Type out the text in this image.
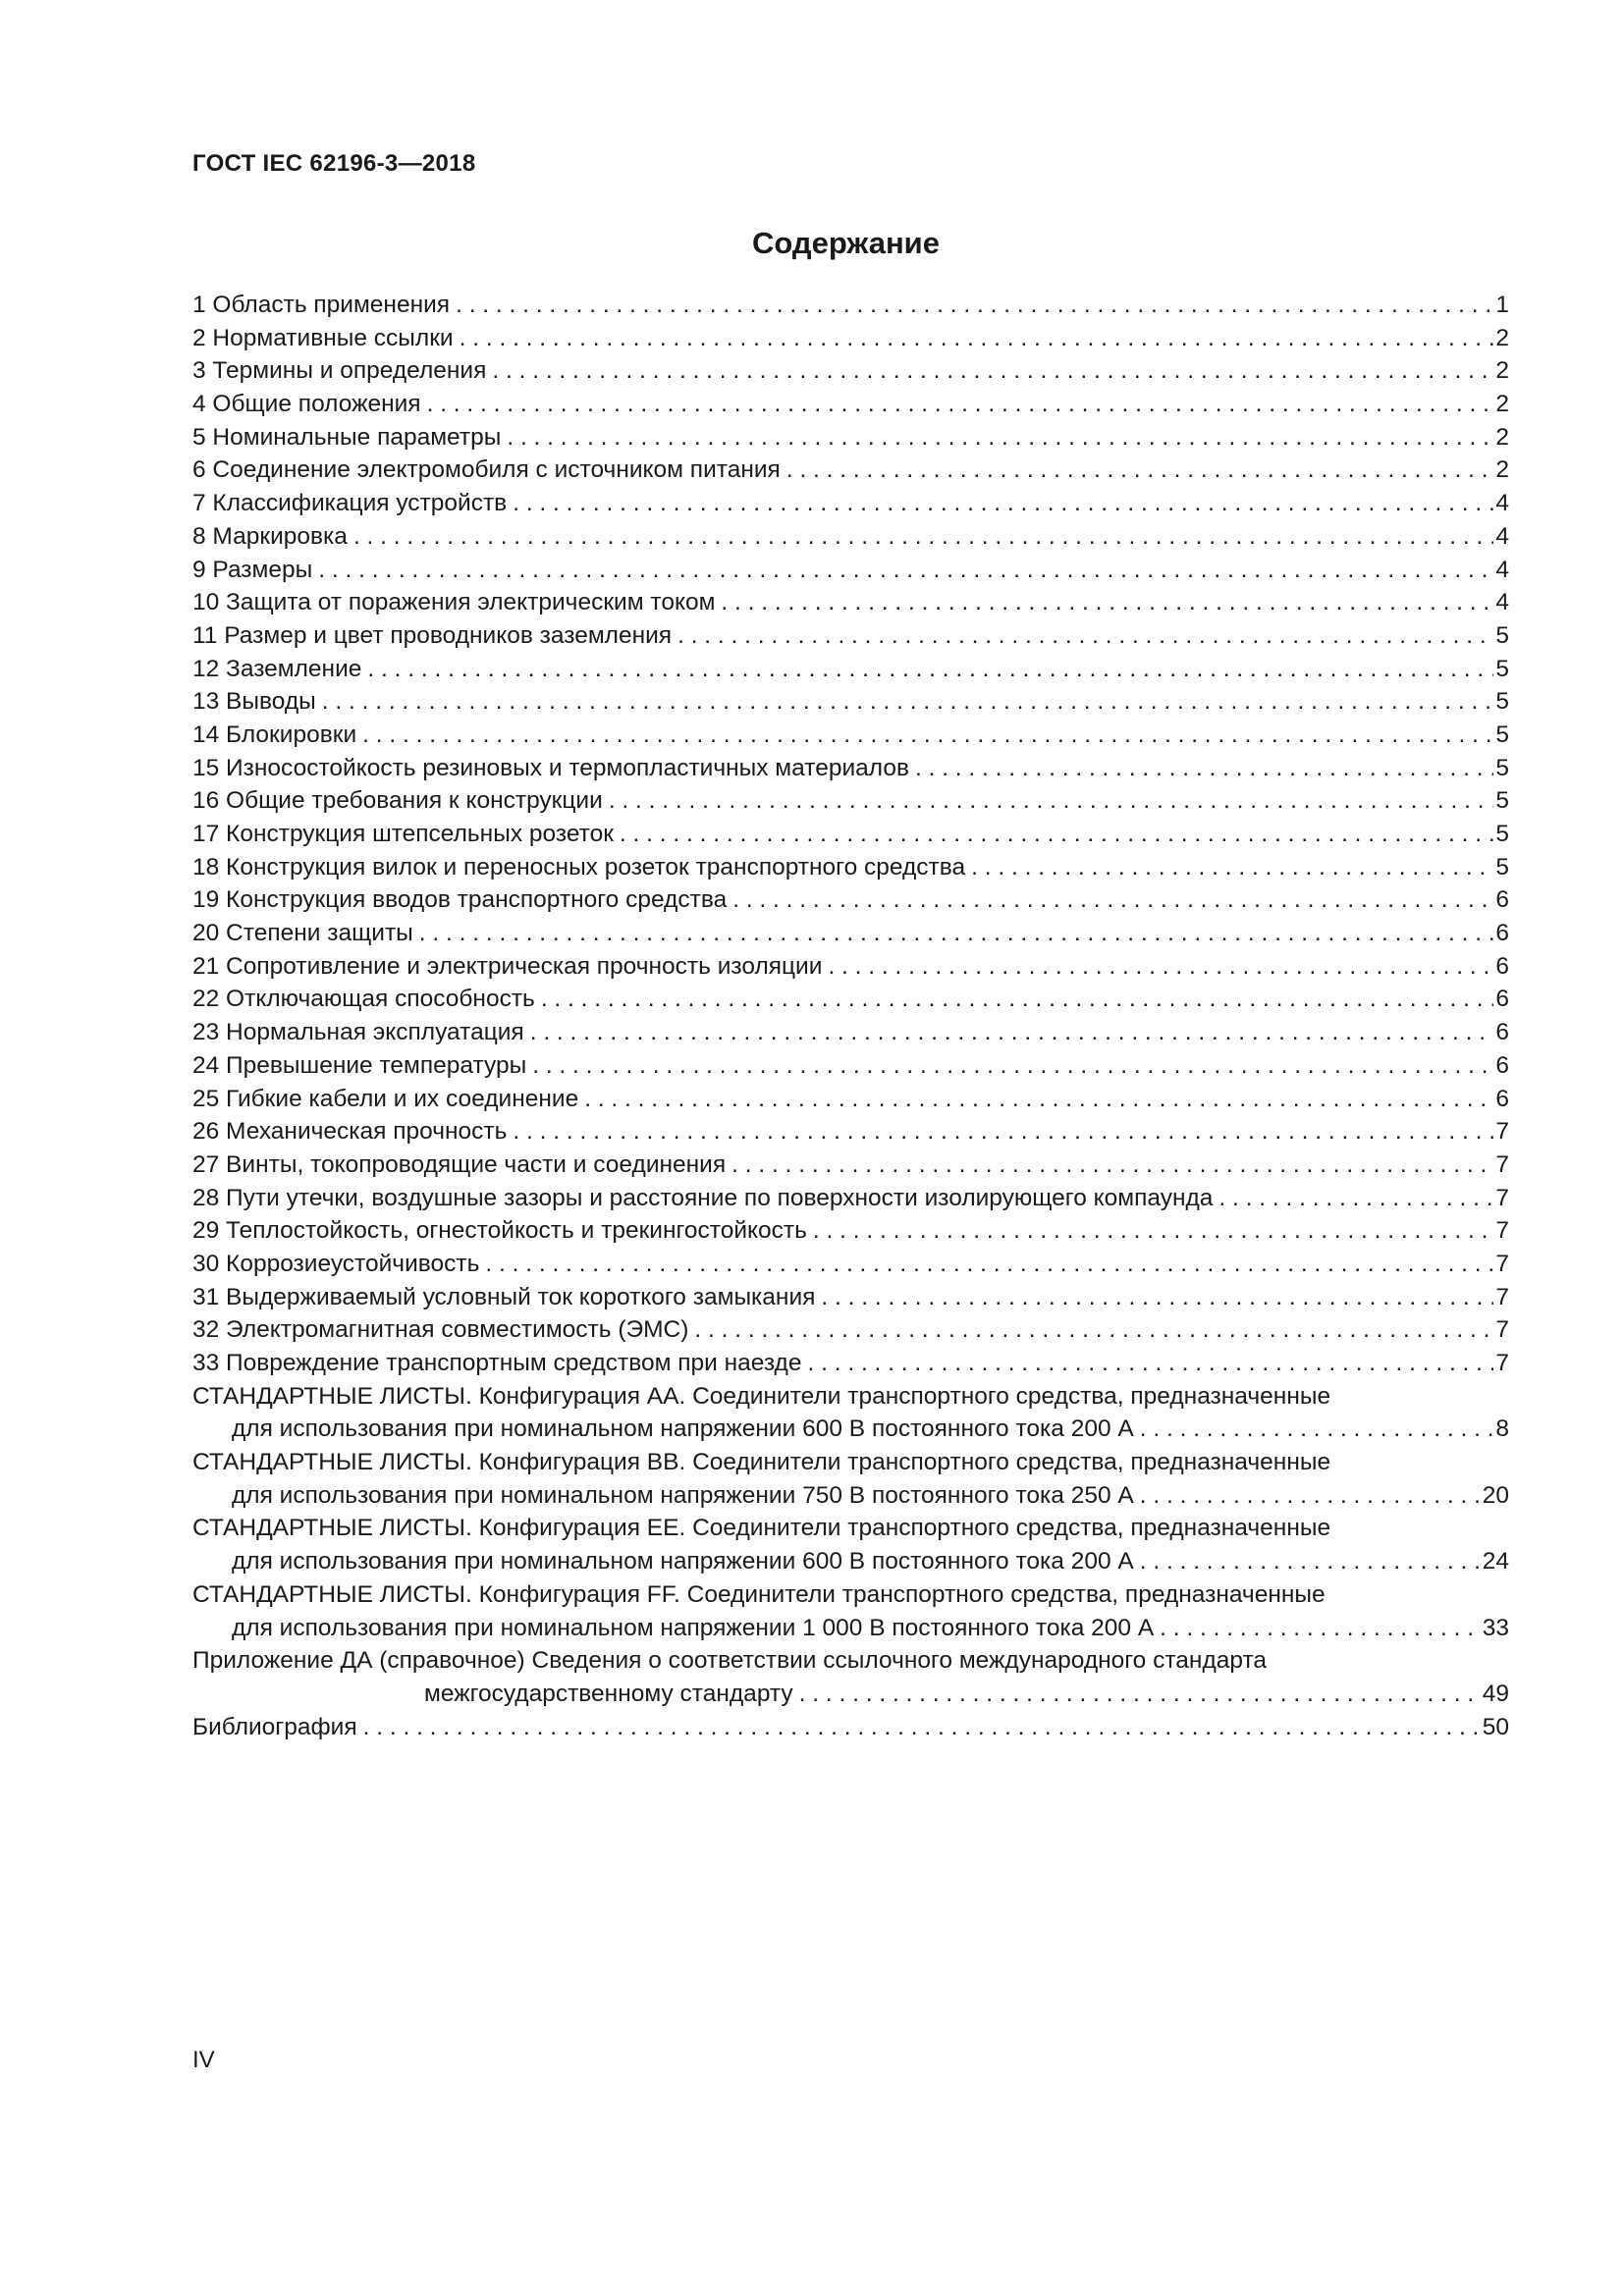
ГОСТ IEC 62196-3—2018
Содержание
1 Область применения . . .	1
2 Нормативные ссылки . . .	2
3 Термины и определения . . .	2
4 Общие положения . . .	2
5 Номинальные параметры . . .	2
6 Соединение электромобиля с источником питания . . .	2
7 Классификация устройств . . .	4
8 Маркировка . . .	4
9 Размеры . . .	4
10 Защита от поражения электрическим током . . .	4
11 Размер и цвет проводников заземления . . .	5
12 Заземление . . .	5
13 Выводы . . .	5
14 Блокировки . . .	5
15 Износостойкость резиновых и термопластичных материалов . . .	5
16 Общие требования к конструкции . . .	5
17 Конструкция штепсельных розеток . . .	5
18 Конструкция вилок и переносных розеток транспортного средства . . .	5
19 Конструкция вводов транспортного средства . . .	6
20 Степени защиты . . .	6
21 Сопротивление и электрическая прочность изоляции . . .	6
22 Отключающая способность . . .	6
23 Нормальная эксплуатация . . .	6
24 Превышение температуры . . .	6
25 Гибкие кабели и их соединение . . .	6
26 Механическая прочность . . .	7
27 Винты, токопроводящие части и соединения . . .	7
28 Пути утечки, воздушные зазоры и расстояние по поверхности изолирующего компаунда . . .	7
29 Теплостойкость, огнестойкость и трекингостойкость . . .	7
30 Коррозиеустойчивость . . .	7
31 Выдерживаемый условный ток короткого замыкания . . .	7
32 Электромагнитная совместимость (ЭМС) . . .	7
33 Повреждение транспортным средством при наезде . . .	7
СТАНДАРТНЫЕ ЛИСТЫ. Конфигурация АА. Соединители транспортного средства, предназначенные
для использования при номинальном напряжении 600 В постоянного тока 200 А . . .	8
СТАНДАРТНЫЕ ЛИСТЫ. Конфигурация ВВ. Соединители транспортного средства, предназначенные
для использования при номинальном напряжении 750 В постоянного тока 250 А . . .	20
СТАНДАРТНЫЕ ЛИСТЫ. Конфигурация ЕЕ. Соединители транспортного средства, предназначенные
для использования при номинальном напряжении 600 В постоянного тока 200 А . . .	24
СТАНДАРТНЫЕ ЛИСТЫ. Конфигурация FF. Соединители транспортного средства, предназначенные
для использования при номинальном напряжении 1 000 В постоянного тока 200 А . . .	33
Приложение ДА (справочное) Сведения о соответствии ссылочного международного стандарта
межгосударственному стандарту . . .	49
Библиография . . .	50
IV
